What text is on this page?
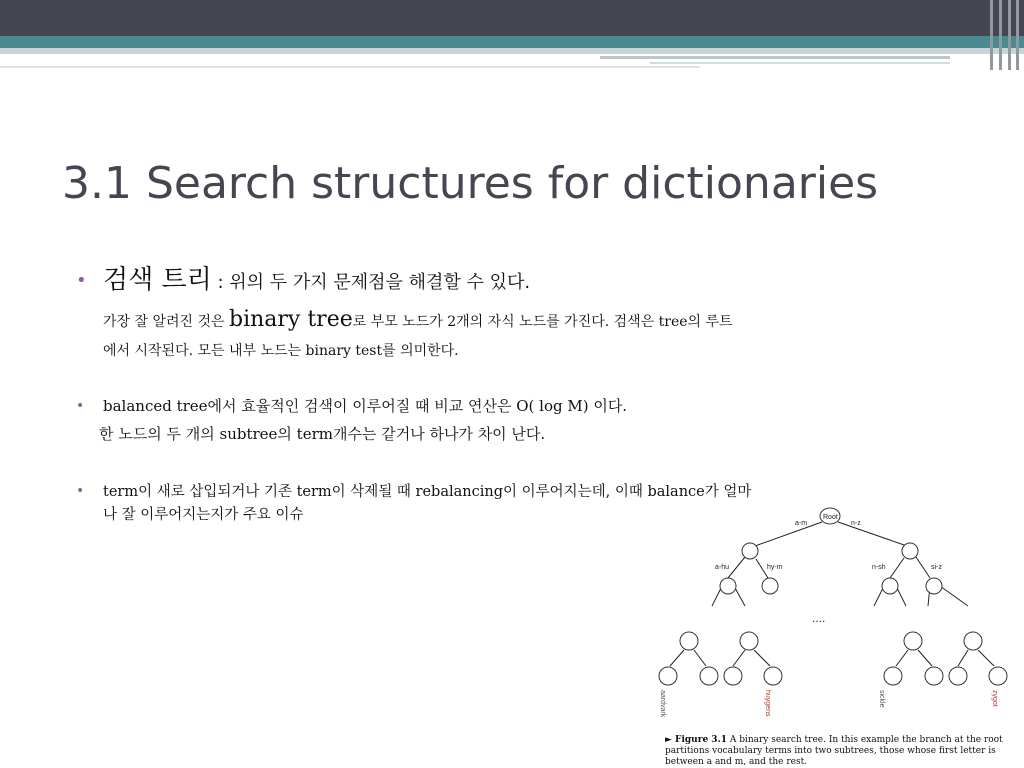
3.1 Search structures for dictionaries
• 검색 트리 : 위의 두 가지 문제점을 해결할 수 있다.
가장 잘 알려진 것은 binary tree로 부모 노드가 2개의 자식 노드를 가진다. 검색은 tree의 루트
에서 시작된다. 모든 내부 노드는 binary test를 의미한다.
• balanced tree에서 효율적인 검색이 이루어질 때 비교 연산은 O( log M) 이다.
한 노드의 두 개의 subtree의 term개수는 같거나 하나가 차이 난다.
• term이 새로 삽입되거나 기존 term이 삭제될 때 rebalancing이 이루어지는데, 이때 balance가 얼마
나 잘 이루어지는지가 주요 이슈	Root
a-m	n-z
a-hu	hy-m	n-sh	si-z
....
aardvark	huygens	sickle	zygot
► Figure 3.1 A binary search tree. In this example the branch at the root partitions vocabulary terms into two subtrees, those whose first letter is between a and m, and the rest.
